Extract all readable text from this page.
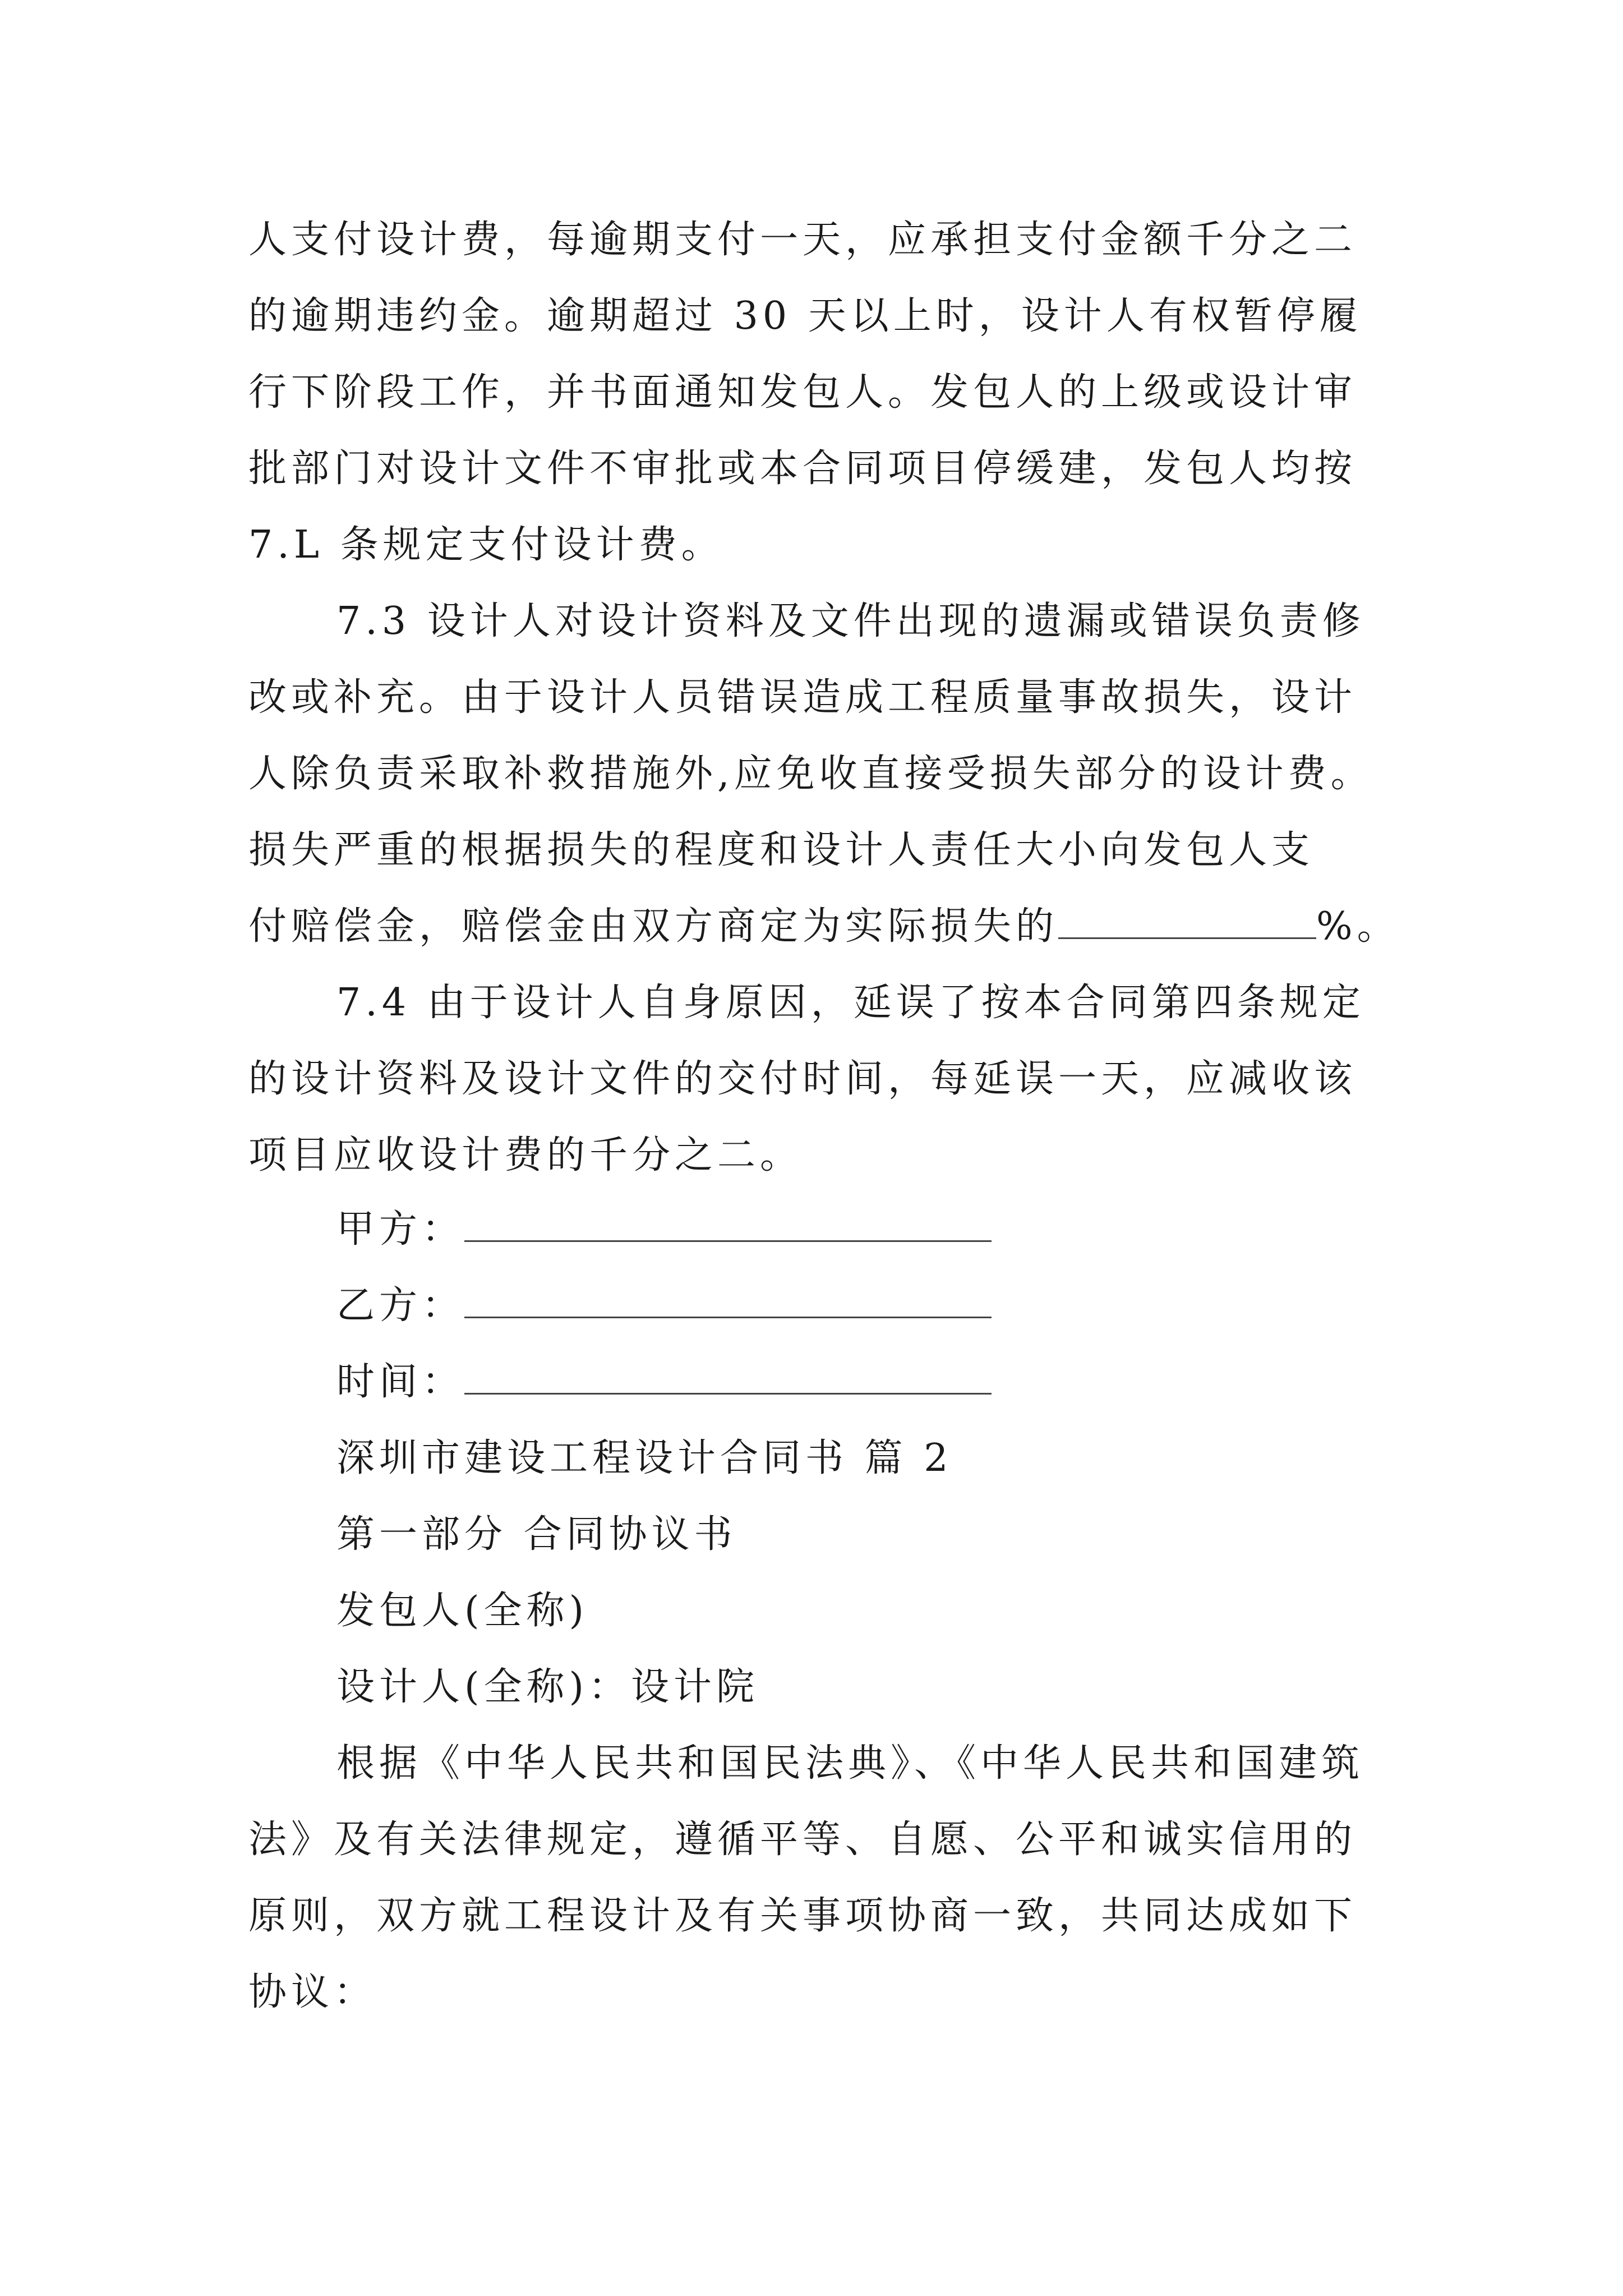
人支付设计费，每逾期支付一天，应承担支付金额千分之二
的逾期违约金。逾期超过 30 天以上时，设计人有权暂停履
行下阶段工作，并书面通知发包人。发包人的上级或设计审
批部门对设计文件不审批或本合同项目停缓建，发包人均按
7.L 条规定支付设计费。
7.3 设计人对设计资料及文件出现的遗漏或错误负责修
改或补充。由于设计人员错误造成工程质量事故损失，设计
人除负责采取补救措施外,应免收直接受损失部分的设计费。
损失严重的根据损失的程度和设计人责任大小向发包人支
付赔偿金，赔偿金由双方商定为实际损失的	%。
7.4 由于设计人自身原因，延误了按本合同第四条规定
的设计资料及设计文件的交付时间，每延误一天，应减收该
项目应收设计费的千分之二。
甲方：
乙方：
时间：
深圳市建设工程设计合同书 篇 2
第一部分 合同协议书
发包人(全称)
设计人(全称)：设计院
根据《中华人民共和国民法典》、《中华人民共和国建筑
法》及有关法律规定，遵循平等、自愿、公平和诚实信用的
原则，双方就工程设计及有关事项协商一致，共同达成如下
协议：
